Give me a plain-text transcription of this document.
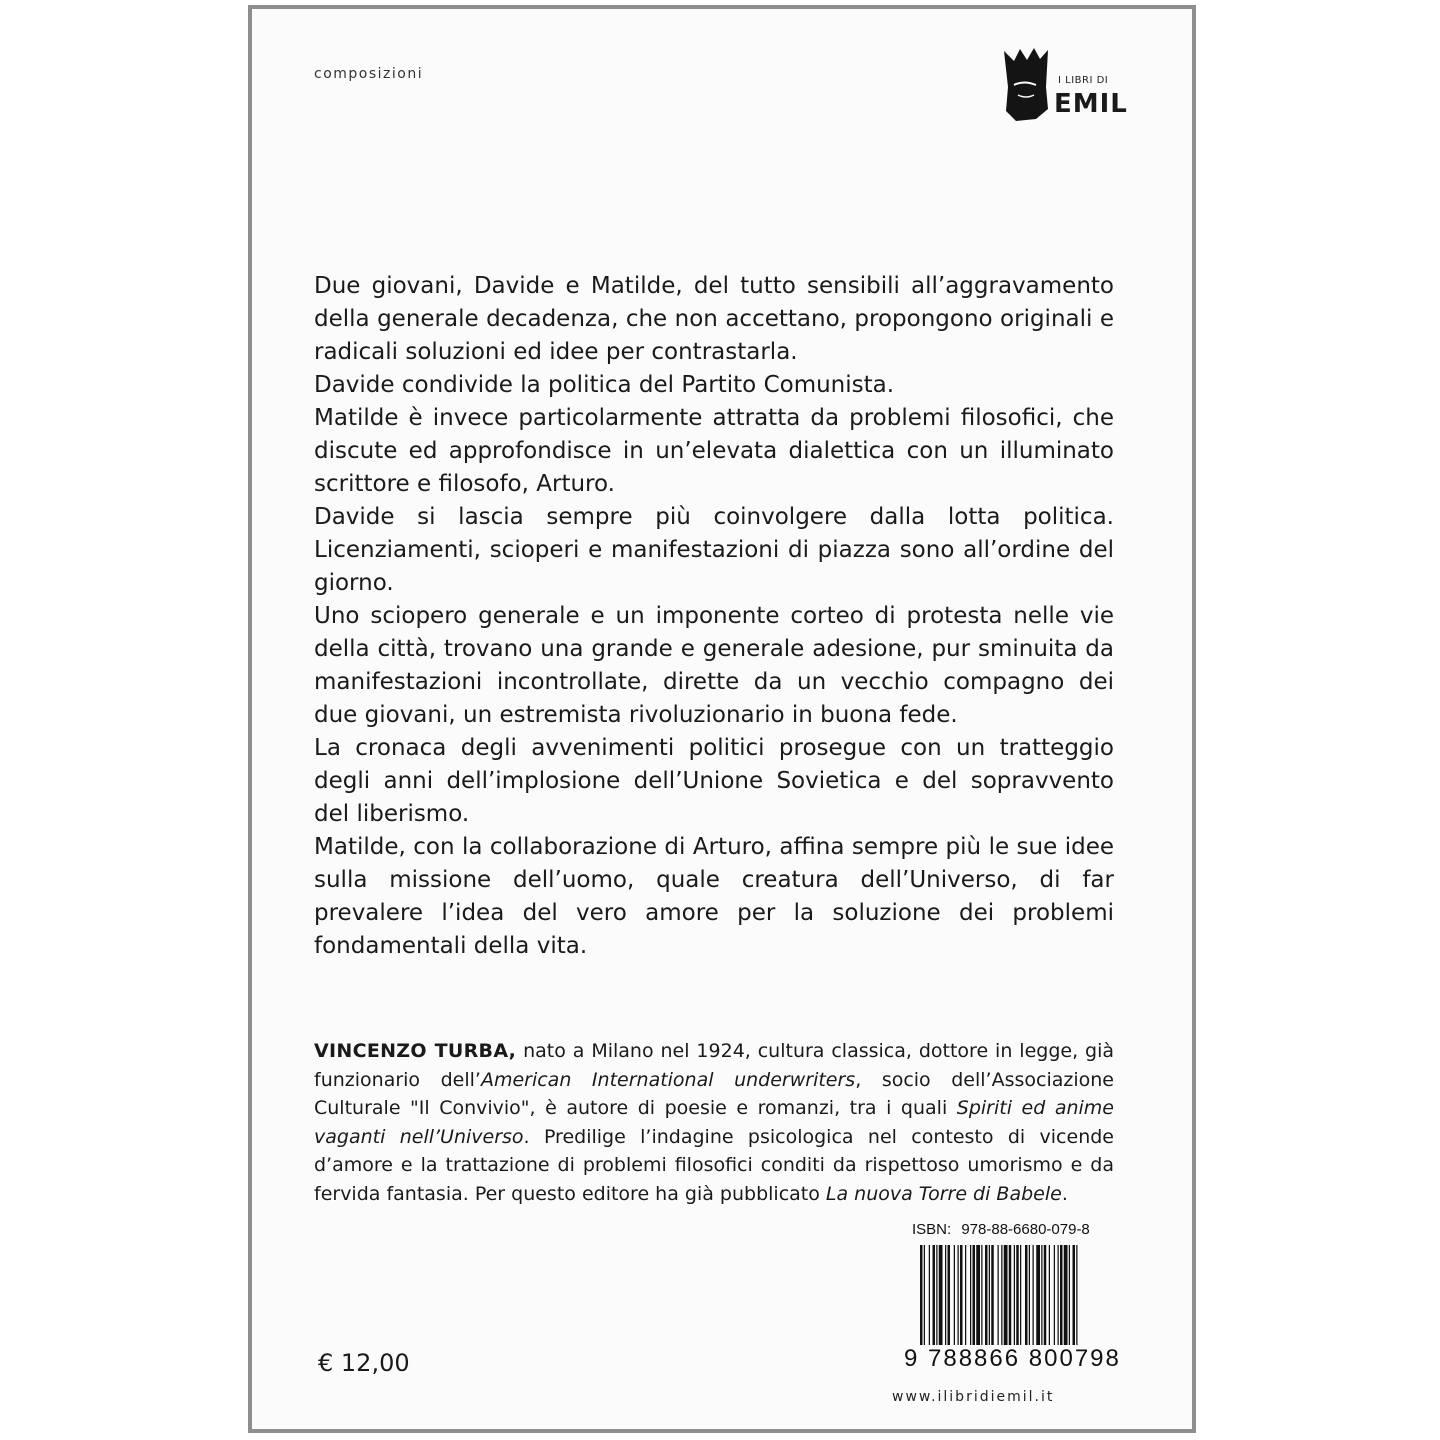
composizioni	I LIBRI DI
EMIL

Due giovani, Davide e Matilde, del tutto sensibili all’aggravamento della generale decadenza, che non accettano, propongono originali e radicali soluzioni ed idee per contrastarla.

Davide condivide la politica del Partito Comunista.

Matilde è invece particolarmente attratta da problemi filosofici, che discute ed approfondisce in un’elevata dialettica con un illuminato scrittore e filosofo, Arturo.

Davide si lascia sempre più coinvolgere dalla lotta politica. Licenziamenti, scioperi e manifestazioni di piazza sono all’ordine del giorno.

Uno sciopero generale e un imponente corteo di protesta nelle vie della città, trovano una grande e generale adesione, pur sminuita da manifestazioni incontrollate, dirette da un vecchio compagno dei due giovani, un estremista rivoluzionario in buona fede.

La cronaca degli avvenimenti politici prosegue con un tratteggio degli anni dell’implosione dell’Unione Sovietica e del sopravvento del liberismo.

Matilde, con la collaborazione di Arturo, affina sempre più le sue idee sulla missione dell’uomo, quale creatura dell’Universo, di far prevalere l’idea del vero amore per la soluzione dei problemi fondamentali della vita.

VINCENZO TURBA, nato a Milano nel 1924, cultura classica, dottore in legge, già funzionario dell’American International underwriters, socio dell’Associazione Culturale "Il Convivio", è autore di poesie e romanzi, tra i quali Spiriti ed anime vaganti nell’Universo. Predilige l’indagine psicologica nel contesto di vicende d’amore e la trattazione di problemi filosofici conditi da rispettoso umorismo e da fervida fantasia. Per questo editore ha già pubblicato La nuova Torre di Babele.
ISBN: 978-88-6680-079-8
9 788866 800798
€ 12,00
www.ilibridiemil.it
